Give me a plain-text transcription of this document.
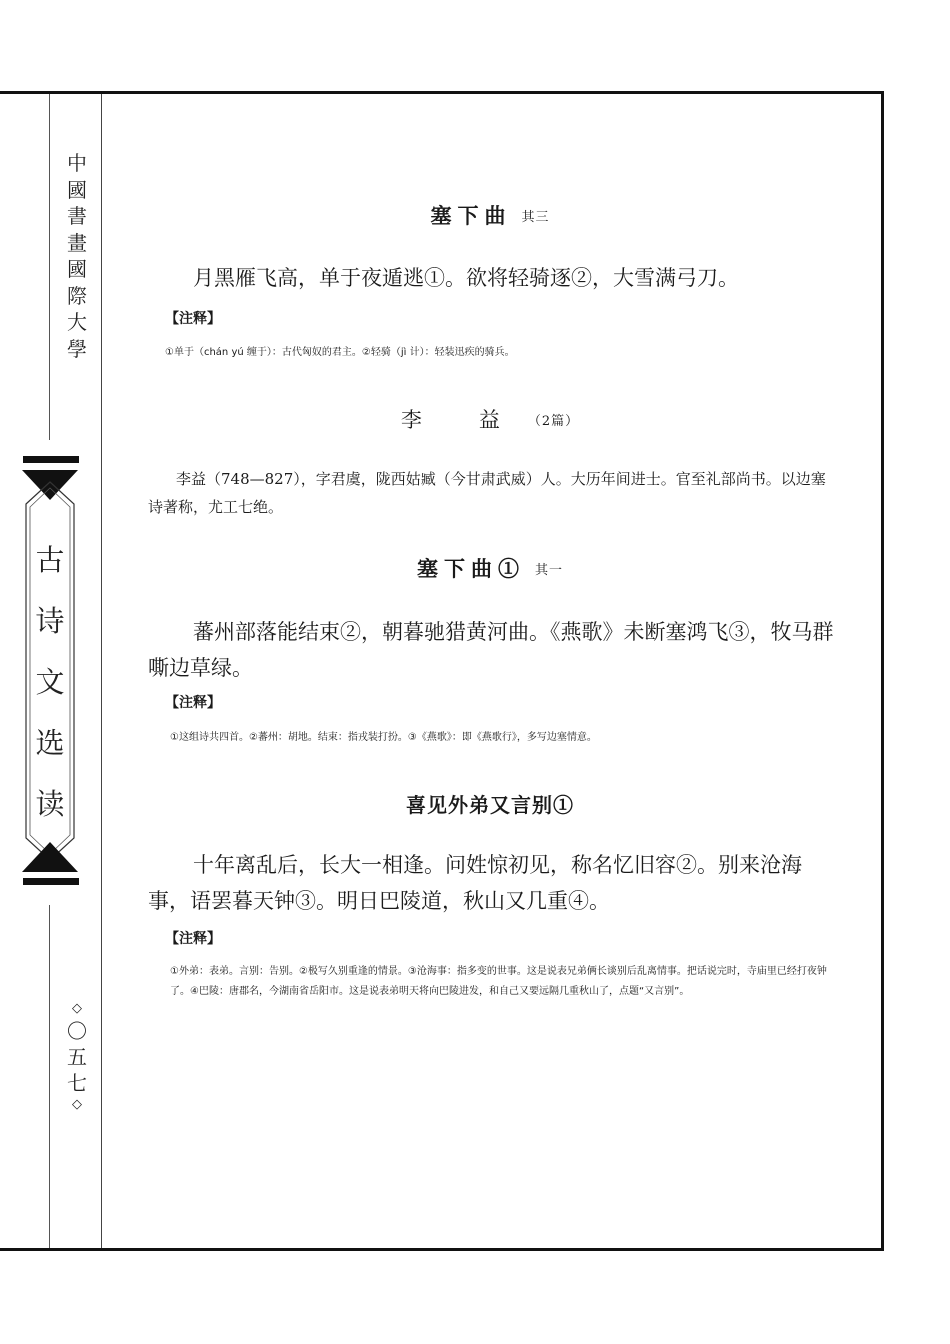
中
國
書
畫
國
際
大
學
古
诗
文
选
读
◇
〇
五
七
◇
塞下曲 其三
月黑雁飞高，单于夜遁逃①。欲将轻骑逐②，大雪满弓刀。
【注释】
①单于（chán yú 缠于）：古代匈奴的君主。②轻骑（jì 计）：轻装迅疾的骑兵。
李　益 （2篇）
李益（748—827），字君虞，陇西姑臧（今甘肃武威）人。大历年间进士。官至礼部尚书。以边塞诗著称，尤工七绝。
塞下曲① 其一
蕃州部落能结束②，朝暮驰猎黄河曲。《燕歌》未断塞鸿飞③，牧马群嘶边草绿。
【注释】
①这组诗共四首。②蕃州：胡地。结束：指戎装打扮。③《燕歌》：即《燕歌行》，多写边塞情意。
喜见外弟又言别①
十年离乱后，长大一相逢。问姓惊初见，称名忆旧容②。别来沧海事，语罢暮天钟③。明日巴陵道，秋山又几重④。
【注释】
①外弟：表弟。言别：告别。②极写久别重逢的情景。③沧海事：指多变的世事。这是说表兄弟俩长谈别后乱离情事。把话说完时，寺庙里已经打夜钟了。④巴陵：唐郡名，今湖南省岳阳市。这是说表弟明天将向巴陵进发，和自己又要远隔几重秋山了，点题“又言别”。
